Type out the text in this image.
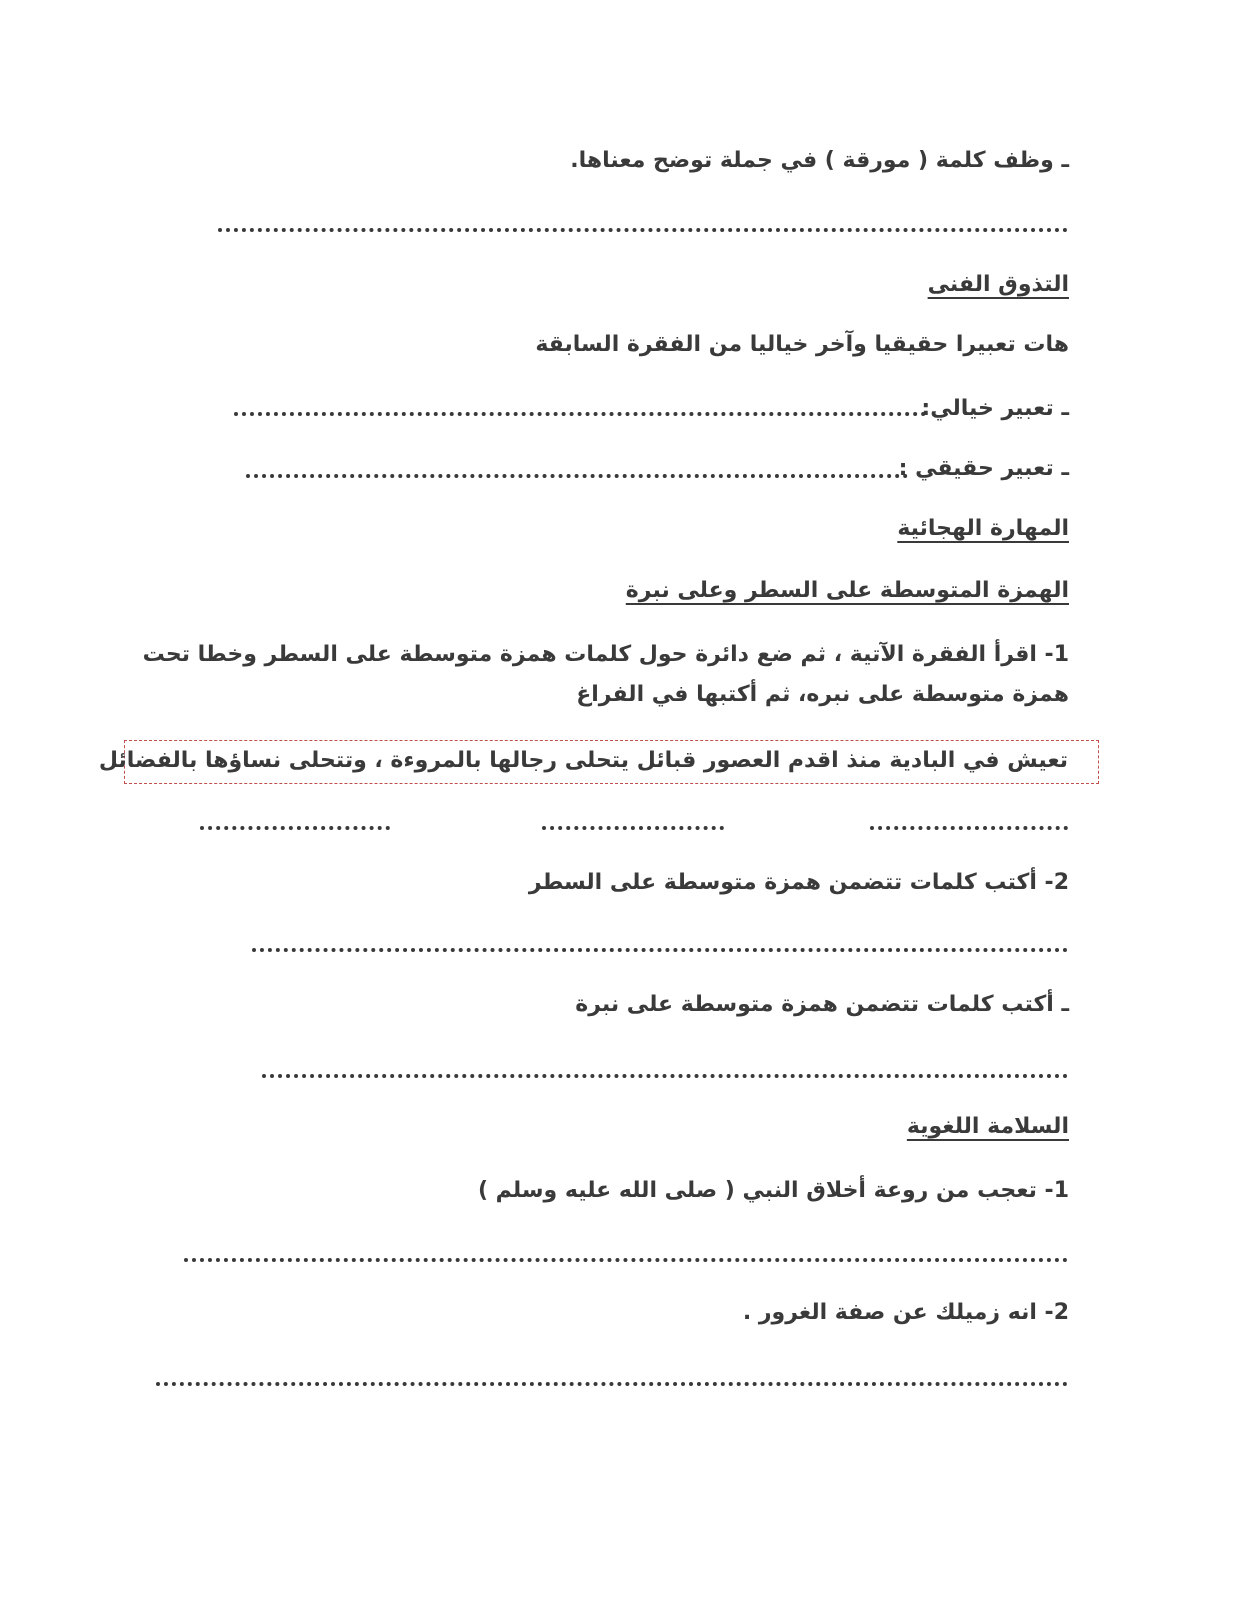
ـ وظف كلمة ( مورقة ) في جملة توضح معناها.
التذوق الفنى
هات تعبيرا حقيقيا وآخر خياليا من الفقرة السابقة
ـ تعبير خيالي:
ـ تعبير حقيقي :
المهارة الهجائية
الهمزة المتوسطة على السطر وعلى نبرة
1- اقرأ الفقرة الآتية ، ثم ضع دائرة حول كلمات همزة متوسطة على السطر وخطا تحت
همزة متوسطة على نبره، ثم أكتبها في الفراغ
تعيش في البادية منذ اقدم العصور قبائل يتحلى رجالها بالمروءة ، وتتحلى نساؤها بالفضائل
2- أكتب كلمات تتضمن همزة متوسطة على السطر
ـ أكتب كلمات تتضمن همزة متوسطة على نبرة
السلامة اللغوية
1- تعجب من روعة أخلاق النبي ( صلى الله عليه وسلم )
2- انه زميلك عن صفة الغرور .
